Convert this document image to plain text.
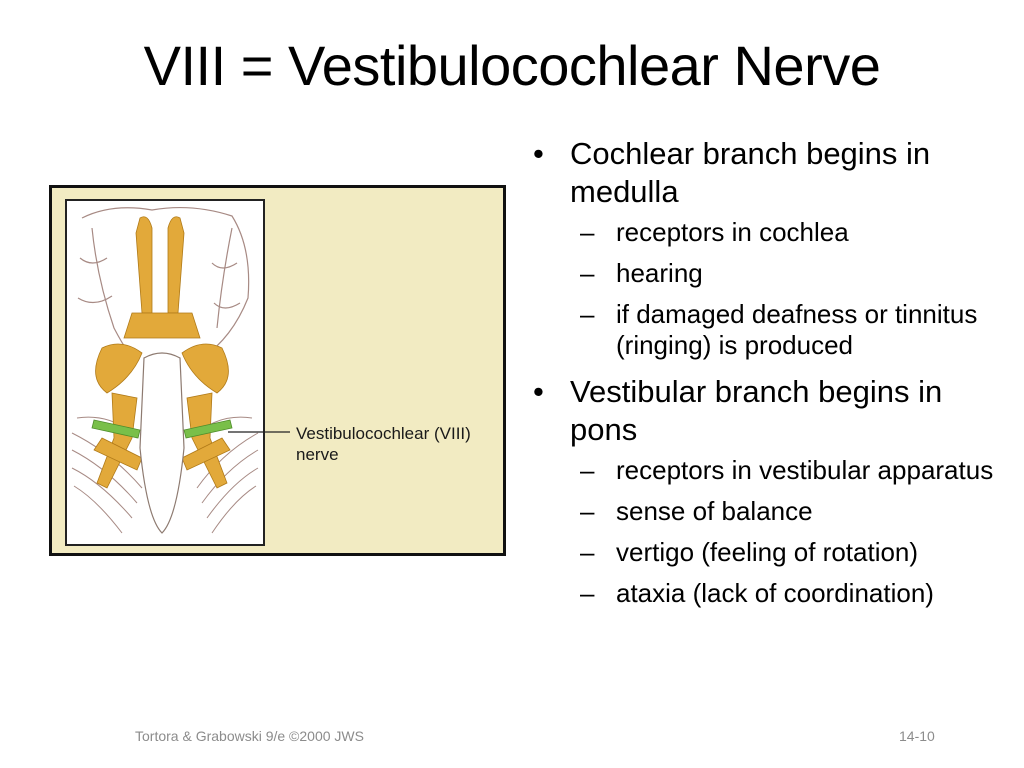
VIII = Vestibulocochlear Nerve
Vestibulocochlear (VIII)
nerve
• Cochlear branch begins in medulla
– receptors in cochlea
– hearing
– if damaged deafness or tinnitus (ringing) is produced
• Vestibular branch begins in pons
– receptors in vestibular apparatus
– sense of balance
– vertigo (feeling of rotation)
– ataxia (lack of coordination)
Tortora & Grabowski 9/e ©2000 JWS	14-10
